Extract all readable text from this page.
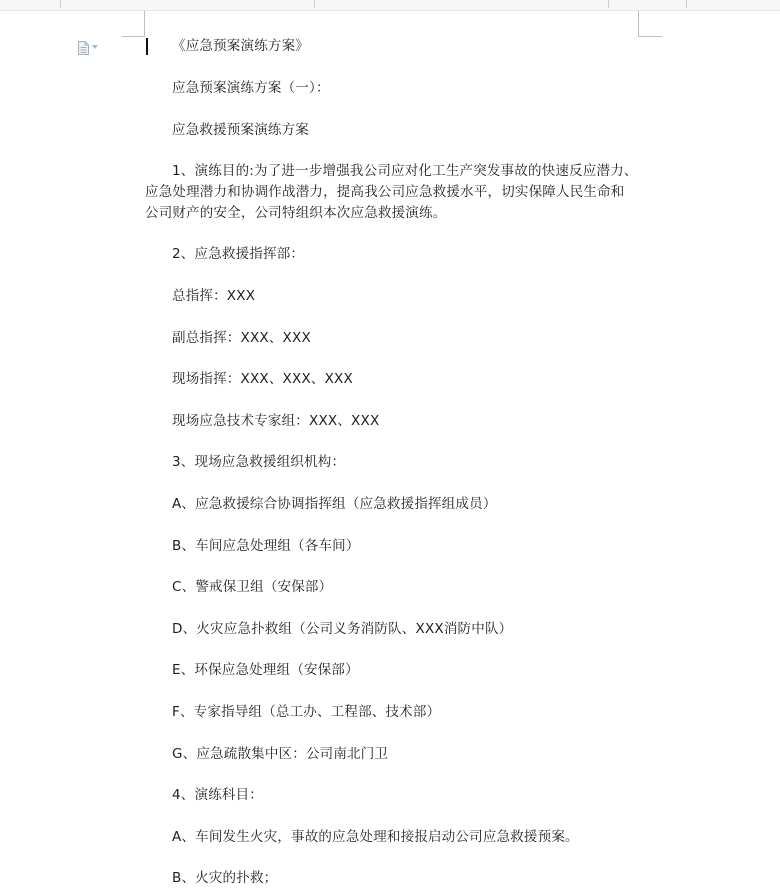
《应急预案演练方案》
应急预案演练方案（一）：
应急救援预案演练方案
1、演练目的:为了进一步增强我公司应对化工生产突发事故的快速反应潜力、
应急处理潜力和协调作战潜力，提高我公司应急救援水平，切实保障人民生命和
公司财产的安全，公司特组织本次应急救援演练。
2、应急救援指挥部：
总指挥：XXX
副总指挥：XXX、XXX
现场指挥：XXX、XXX、XXX
现场应急技术专家组：XXX、XXX
3、现场应急救援组织机构：
A、应急救援综合协调指挥组（应急救援指挥组成员）
B、车间应急处理组（各车间）
C、警戒保卫组（安保部）
D、火灾应急扑救组（公司义务消防队、XXX消防中队）
E、环保应急处理组（安保部）
F、专家指导组（总工办、工程部、技术部）
G、应急疏散集中区：公司南北门卫
4、演练科目：
A、车间发生火灾，事故的应急处理和接报启动公司应急救援预案。
B、火灾的扑救；
